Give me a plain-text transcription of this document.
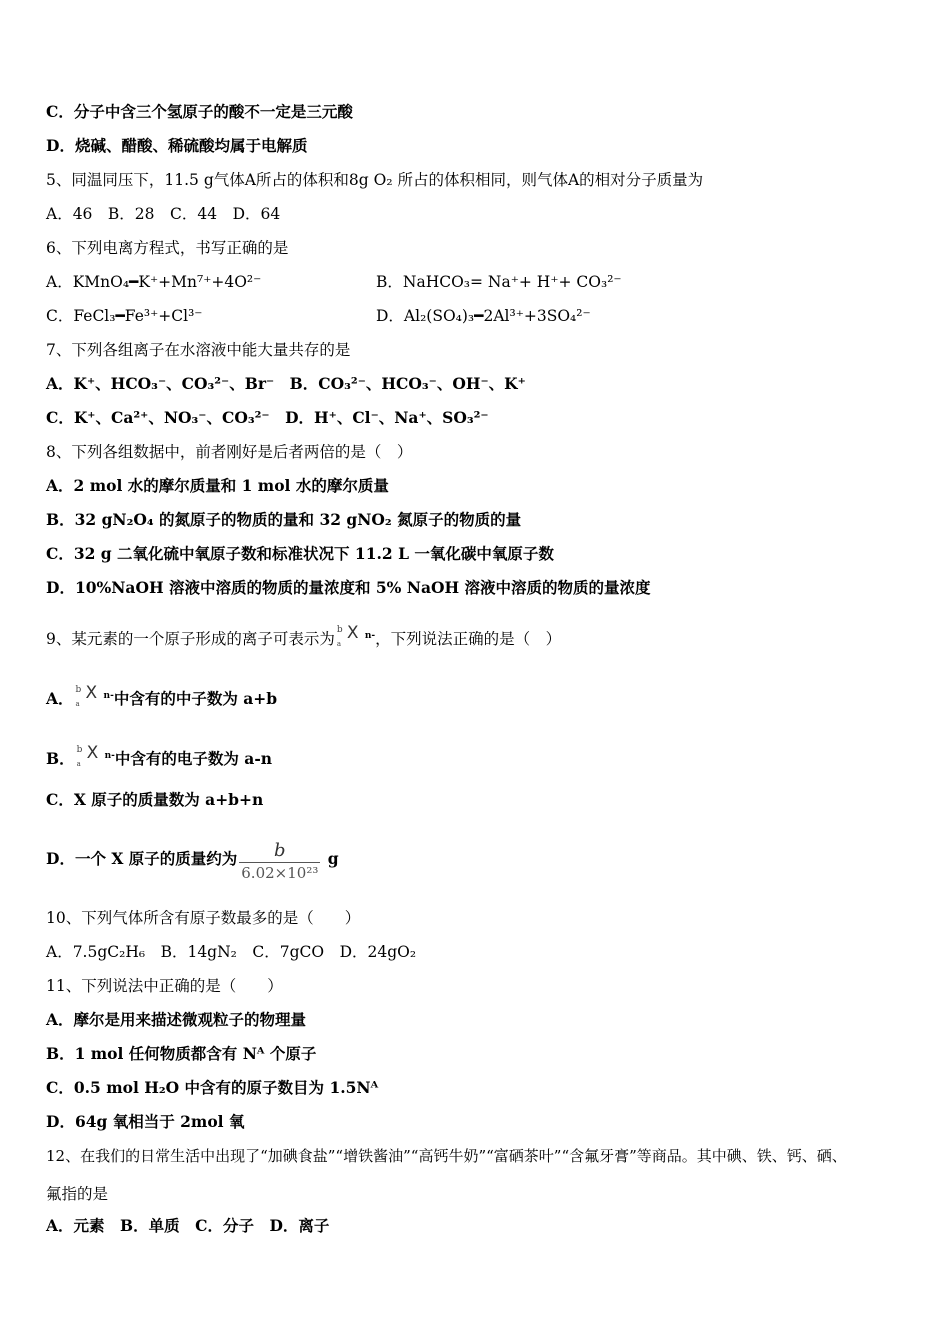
C．分子中含三个氢原子的酸不一定是三元酸
D．烧碱、醋酸、稀硫酸均属于电解质
5、同温同压下，11.5 g气体A所占的体积和8g O₂ 所占的体积相同，则气体A的相对分子质量为
A．46　B．28　C．44　D．64
6、下列电离方程式，书写正确的是
A．KMnO₄━K⁺+Mn⁷⁺+4O²⁻	B．NaHCO₃= Na⁺+ H⁺+ CO₃²⁻
C．FeCl₃━Fe³⁺+Cl³⁻	D．Al₂(SO₄)₃━2Al³⁺+3SO₄²⁻
7、下列各组离子在水溶液中能大量共存的是
A．K⁺、HCO₃⁻、CO₃²⁻、Br⁻　B．CO₃²⁻、HCO₃⁻、OH⁻、K⁺
C．K⁺、Ca²⁺、NO₃⁻、CO₃²⁻　D．H⁺、Cl⁻、Na⁺、SO₃²⁻
8、下列各组数据中，前者刚好是后者两倍的是（　）
A．2 mol 水的摩尔质量和 1 mol 水的摩尔质量
B．32 gN₂O₄ 的氮原子的物质的量和 32 gNO₂ 氮原子的物质的量
C．32 g 二氧化硫中氧原子数和标准状况下 11.2 L 一氧化碳中氧原子数
D．10%NaOH 溶液中溶质的物质的量浓度和 5% NaOH 溶液中溶质的物质的量浓度
9、某元素的一个原子形成的离子可表示为 b
a
X $^{n-}$，下列说法正确的是（　）
A． b
a
X $^{n-}$中含有的中子数为 a+b
B． b
a
X $^{n-}$中含有的电子数为 a-n
C．X 原子的质量数为 a+b+n
D．一个 X 原子的质量约为 $\frac{b}{\text{6.02×10²³}}$ g
10、下列气体所含有原子数最多的是（　　）
A．7.5gC₂H₆　B．14gN₂　C．7gCO　D．24gO₂
11、下列说法中正确的是（　　）
A．摩尔是用来描述微观粒子的物理量
B．1 mol 任何物质都含有 Nᴬ 个原子
C．0.5 mol H₂O 中含有的原子数目为 1.5Nᴬ
D．64g 氧相当于 2mol 氧
12、在我们的日常生活中出现了“加碘食盐”“增铁酱油”“高钙牛奶”“富硒茶叶”“含氟牙膏”等商品。其中碘、铁、钙、硒、
氟指的是
A．元素　B．单质　C．分子　D．离子
